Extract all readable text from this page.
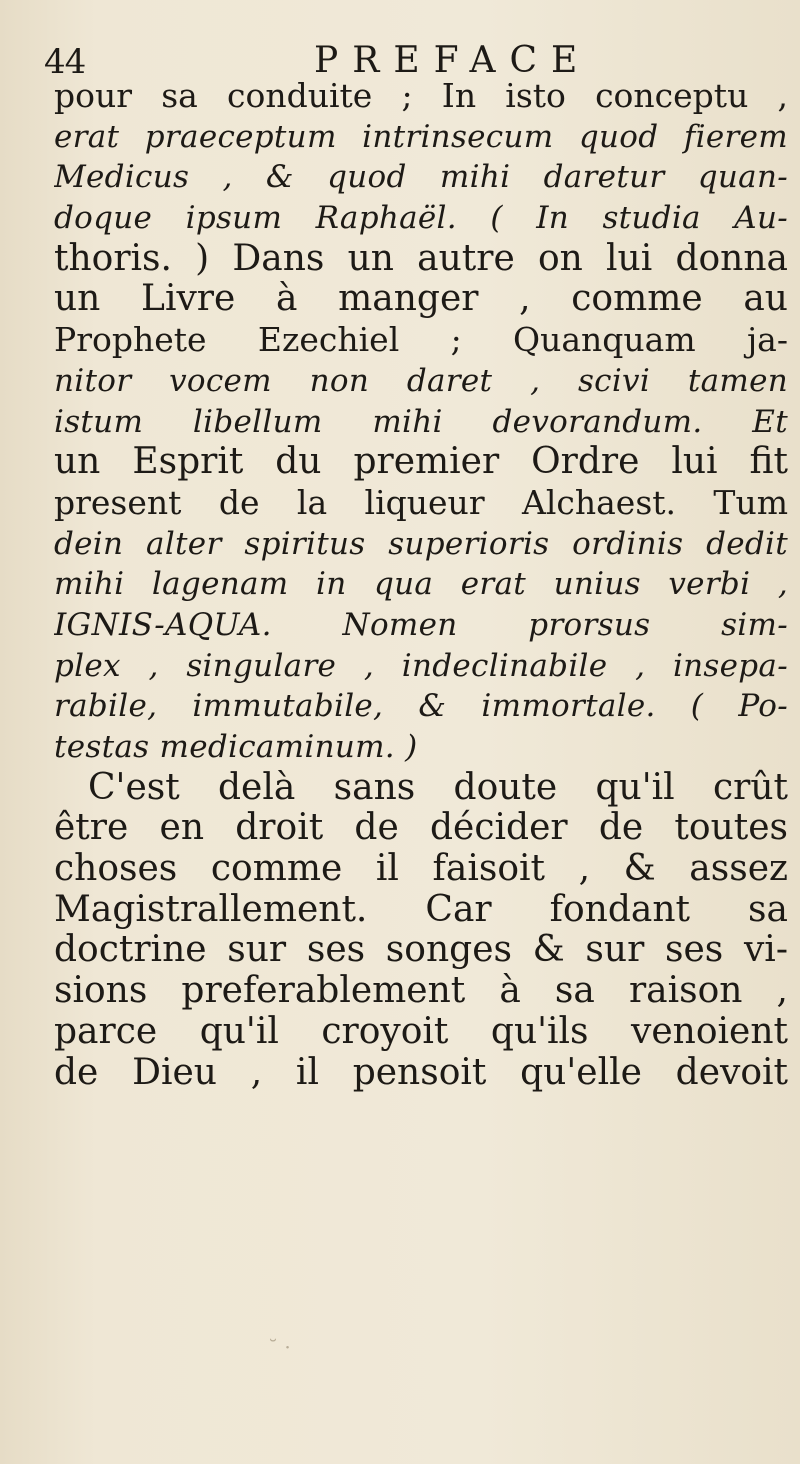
44	PREFACE
pour sa conduite ; In isto conceptu ,
erat praeceptum intrinsecum quod fierem
Medicus , & quod mihi daretur quan-
doque ipsum Raphaël. ( In studia Au-
thoris. ) Dans un autre on lui donna
un Livre à manger , comme au
Prophete Ezechiel ; Quanquam ja-
nitor vocem non daret , scivi tamen
istum libellum mihi devorandum. Et
un Esprit du premier Ordre lui fit
present de la liqueur Alchaest. Tum
dein alter spiritus superioris ordinis dedit
mihi lagenam in qua erat unius verbi ,
IGNIS-AQUA. Nomen prorsus sim-
plex , singulare , indeclinabile , insepa-
rabile, immutabile, & immortale. ( Po-
testas medicaminum. )
C'est delà sans doute qu'il crût
être en droit de décider de toutes
choses comme il faisoit , & assez
Magistrallement. Car fondant sa
doctrine sur ses songes & sur ses vi-
sions preferablement à sa raison ,
parce qu'il croyoit qu'ils venoient
de Dieu , il pensoit qu'elle devoit
˘ ·
